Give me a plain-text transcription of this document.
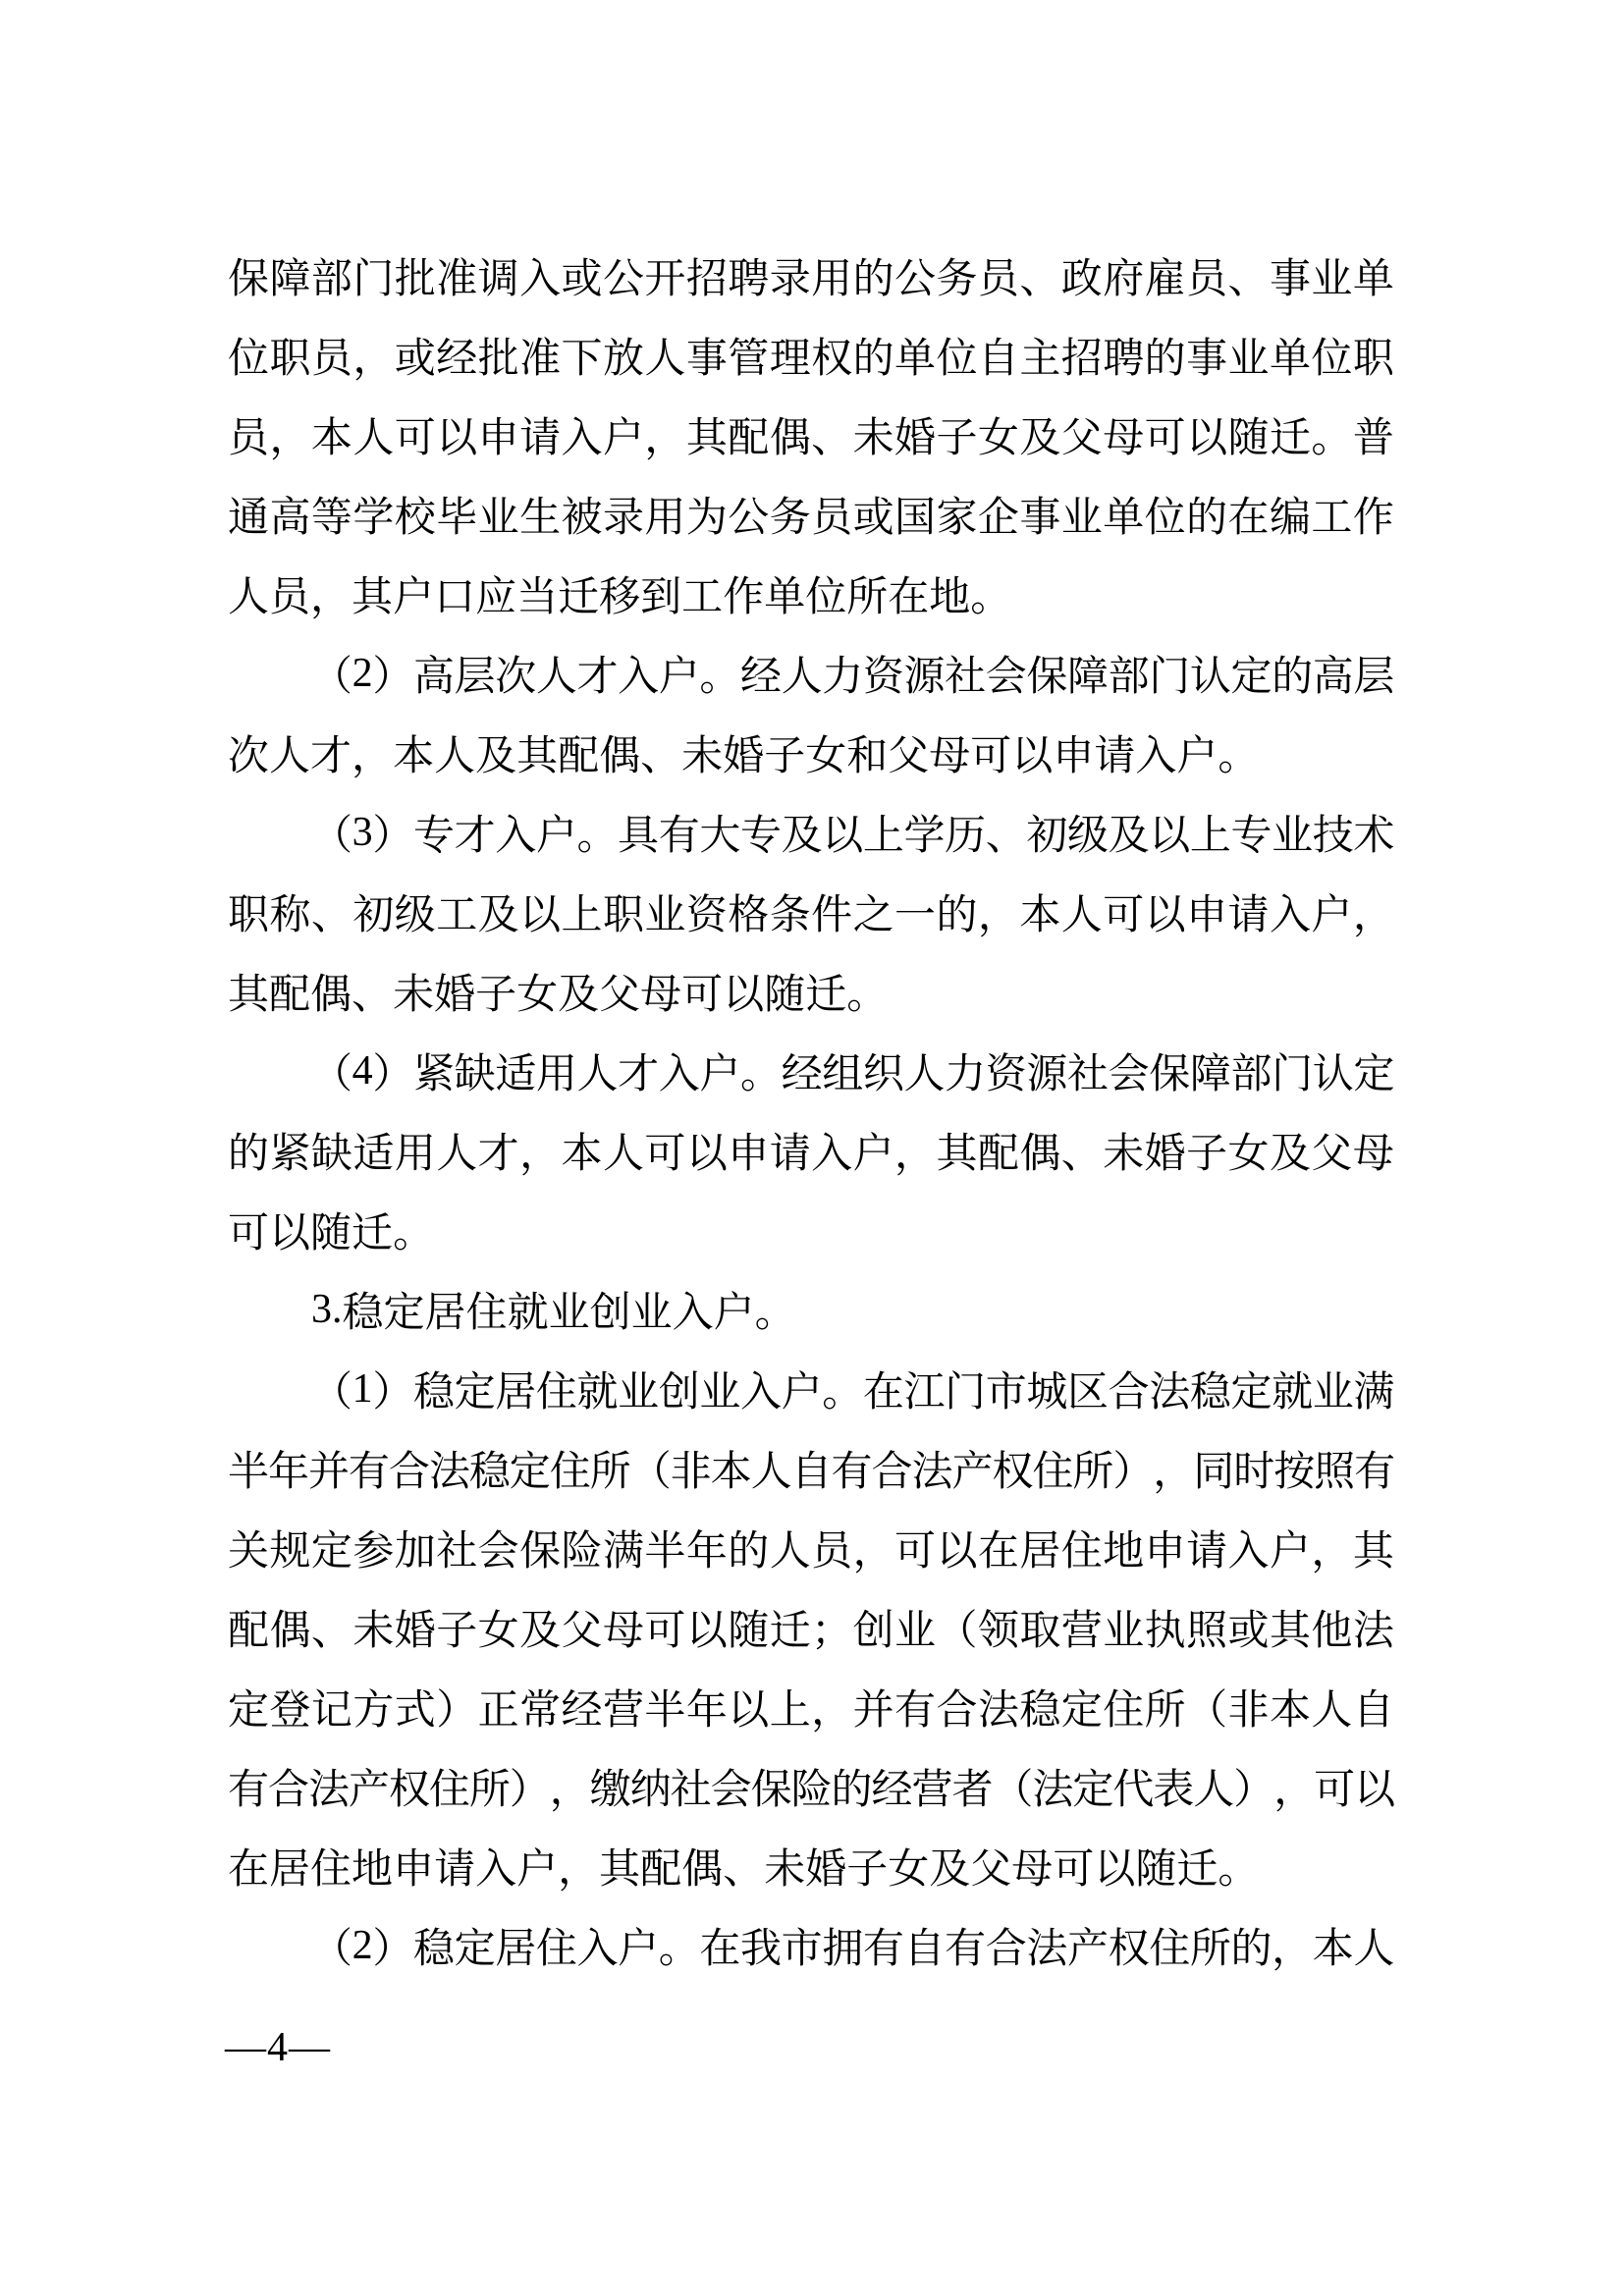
保 障 部 门 批 准 调 入 或 公 开 招 聘 录 用 的 公 务 员 、 政 府 雇 员 、 事 业 单
位 职 员 ， 或 经 批 准 下 放 人 事 管 理 权 的 单 位 自 主 招 聘 的 事 业 单 位 职
员 ， 本 人 可 以 申 请 入 户 ， 其 配 偶 、 未 婚 子 女 及 父 母 可 以 随 迁 。 普
通 高 等 学 校 毕 业 生 被 录 用 为 公 务 员 或 国 家 企 事 业 单 位 的 在 编 工 作
人 员 ， 其 户 口 应 当 迁 移 到 工 作 单 位 所 在 地 。
（ 2 ） 高 层 次 人 才 入 户 。 经 人 力 资 源 社 会 保 障 部 门 认 定 的 高 层
次 人 才 ， 本 人 及 其 配 偶 、 未 婚 子 女 和 父 母 可 以 申 请 入 户 。
（ 3 ） 专 才 入 户 。 具 有 大 专 及 以 上 学 历 、 初 级 及 以 上 专 业 技 术
职 称 、 初 级 工 及 以 上 职 业 资 格 条 件 之 一 的 ， 本 人 可 以 申 请 入 户 ，
其 配 偶 、 未 婚 子 女 及 父 母 可 以 随 迁 。
（ 4 ） 紧 缺 适 用 人 才 入 户 。 经 组 织 人 力 资 源 社 会 保 障 部 门 认 定
的 紧 缺 适 用 人 才 ， 本 人 可 以 申 请 入 户 ， 其 配 偶 、 未 婚 子 女 及 父 母
可 以 随 迁 。
3 . 稳 定 居 住 就 业 创 业 入 户 。
（ 1 ） 稳 定 居 住 就 业 创 业 入 户 。 在 江 门 市 城 区 合 法 稳 定 就 业 满
半
年
并
有
合
法
稳
定
住
所
（
非
本
人
自
有
合
法
产
权
住
所
）
，
同
时
按
照
有
关 规 定 参 加 社 会 保 险 满 半 年 的 人 员 ， 可 以 在 居 住 地 申 请 入 户 ， 其
配 偶 、 未 婚 子 女 及 父 母 可 以 随 迁 ； 创 业 （ 领 取 营 业 执 照 或 其 他 法
定 登 记 方 式 ） 正 常 经 营 半 年 以 上 ， 并 有 合 法 稳 定 住 所 （ 非 本 人 自
有
合
法
产
权
住
所
）
，
缴
纳
社
会
保
险
的
经
营
者
（
法
定
代
表
人
）
，
可
以
在 居 住 地 申 请 入 户 ， 其 配 偶 、 未 婚 子 女 及 父 母 可 以 随 迁 。
（ 2 ） 稳 定 居 住 入 户 。 在 我 市 拥 有 自 有 合 法 产 权 住 所 的 ， 本 人
—4—
